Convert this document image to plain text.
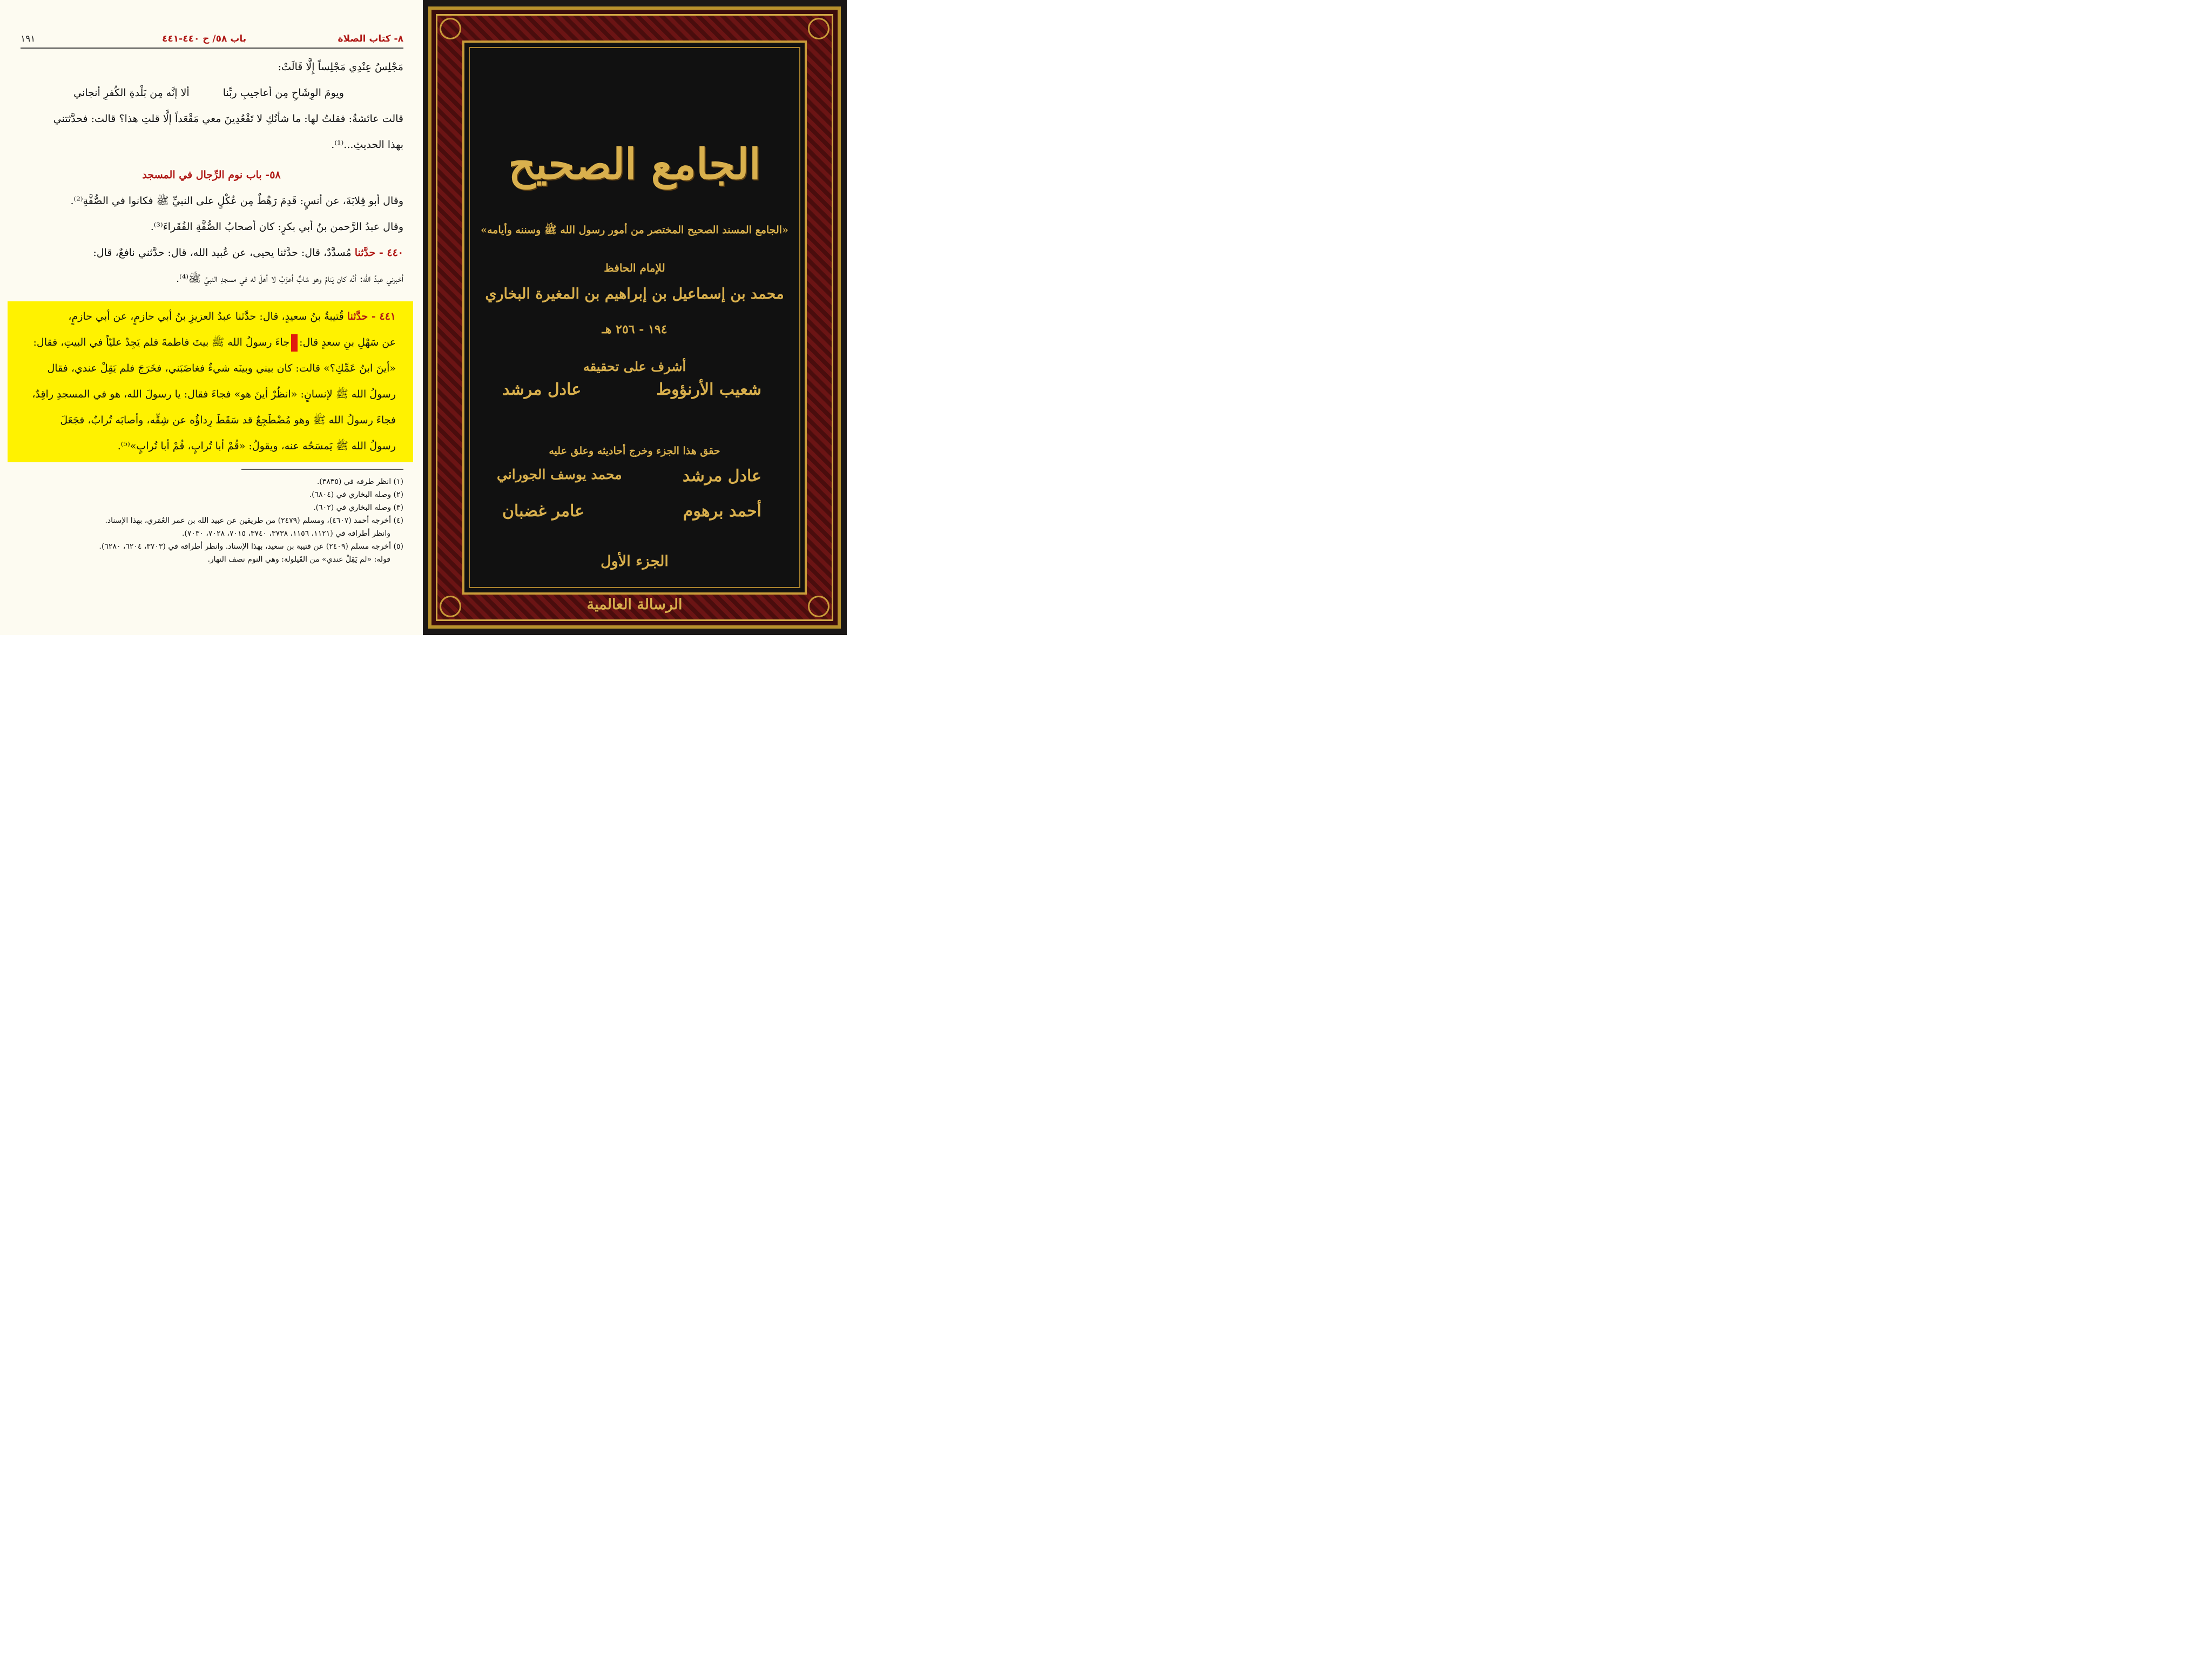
٨- كتاب الصلاة
باب ٥٨/ ح ٤٤٠-٤٤١
١٩١
مَجْلِسُ عِنْدِي مَجْلِساً إِلَّا قَالَتْ:
ويومَ الوِشَاحِ مِن أعاجيبِ ربِّنا
ألا إنَّه مِن بَلْدةِ الكُفرِ أنجاني
قالت عائشةُ: فقلتُ لها: ما شأنُكِ لا تَقْعُدِينَ معي مَقْعَداً إلَّا قلتِ هذا؟ قالت: فحدَّثتني
بهذا الحديثِ...⁽¹⁾.
٥٨- باب نوم الرِّجال في المسجد
وقال أبو قِلابَةَ، عن أنسٍ: قَدِمَ رَهْطٌ مِن عُكْلٍ على النبيِّ ﷺ فكانوا في الصُّفَّةِ⁽²⁾.
وقال عبدُ الرَّحمن بنُ أبي بكرٍ: كان أصحابُ الصُّفَّةِ الفُقَراءَ⁽³⁾.
٤٤٠ - حدَّثنا مُسدَّدٌ، قال: حدَّثنا يحيى، عن عُبيد الله، قال: حدَّثني نافعٌ، قال:
أخبرني عبدُ الله: أنَّه كان يَنامُ وهو شابٌّ أعزَبُ لا أهلَ له في مسجدِ النبيِّ ﷺ⁽⁴⁾.
٤٤١ - حدَّثنا قُتيبةُ بنُ سعيدٍ، قال: حدَّثنا عبدُ العزيزِ بنُ أبي حازمٍ، عن أبي حازمٍ،
عن سَهْلِ بنِ سعدٍ قال:جاءَ رسولُ الله ﷺ بيتَ فاطمةَ فلم يَجِدْ عليّاً في البيتِ، فقال:
«أينَ ابنُ عَمِّكِ؟» قالت: كان بيني وبينَه شيءٌ فغاضَبَني، فخَرَجَ فلم يَقِلْ عندي، فقال
رسولُ الله ﷺ لإنسانٍ: «انظُرْ أينَ هو» فجاءَ فقال: يا رسولَ الله، هو في المسجدِ راقِدٌ،
فجاءَ رسولُ الله ﷺ وهو مُضْطَجِعٌ قد سَقَطَ رِداؤُه عن شِقِّه، وأصابَه تُرابٌ، فجَعَلَ
رسولُ الله ﷺ يَمسَحُه عنه، ويقولُ: «قُمْ أبا تُرابٍ، قُمْ أبا تُرابٍ»⁽⁵⁾.
(١) انظر طرفه في (٣٨٣٥).
(٢) وصله البخاري في (٦٨٠٤).
(٣) وصله البخاري في (٦٠٢).
(٤) أخرجه أحمد (٤٦٠٧)، ومسلم (٢٤٧٩) من طريقين عن عبيد الله بن عمر العُمَري، بهذا الإسناد.
وانظر أطرافه في (١١٢١، ١١٥٦، ٣٧٣٨، ٣٧٤٠، ٧٠١٥، ٧٠٢٨، ٧٠٣٠).
(٥) أخرجه مسلم (٢٤٠٩) عن قتيبة بن سعيد، بهذا الإسناد. وانظر أطرافه في (٣٧٠٣، ٦٢٠٤، ٦٢٨٠).
قوله: «لم يَقِلْ عندي» من القَيلولة: وهي النوم نصف النهار.
الجامع الصحيح
«الجامع المسند الصحيح المختصر من أمور رسول الله ﷺ وسننه وأيامه»
للإمام الحافظ
محمد بن إسماعيل بن إبراهيم بن المغيرة البخاري
١٩٤ - ٢٥٦ هـ
أشرف على تحقيقه
شعيب الأرنؤوط
عادل مرشد
حقق هذا الجزء وخرج أحاديثه وعلق عليه
عادل مرشد
محمد يوسف الجوراني
أحمد برهوم
عامر غضبان
الجزء الأول
الرسالة العالمية
